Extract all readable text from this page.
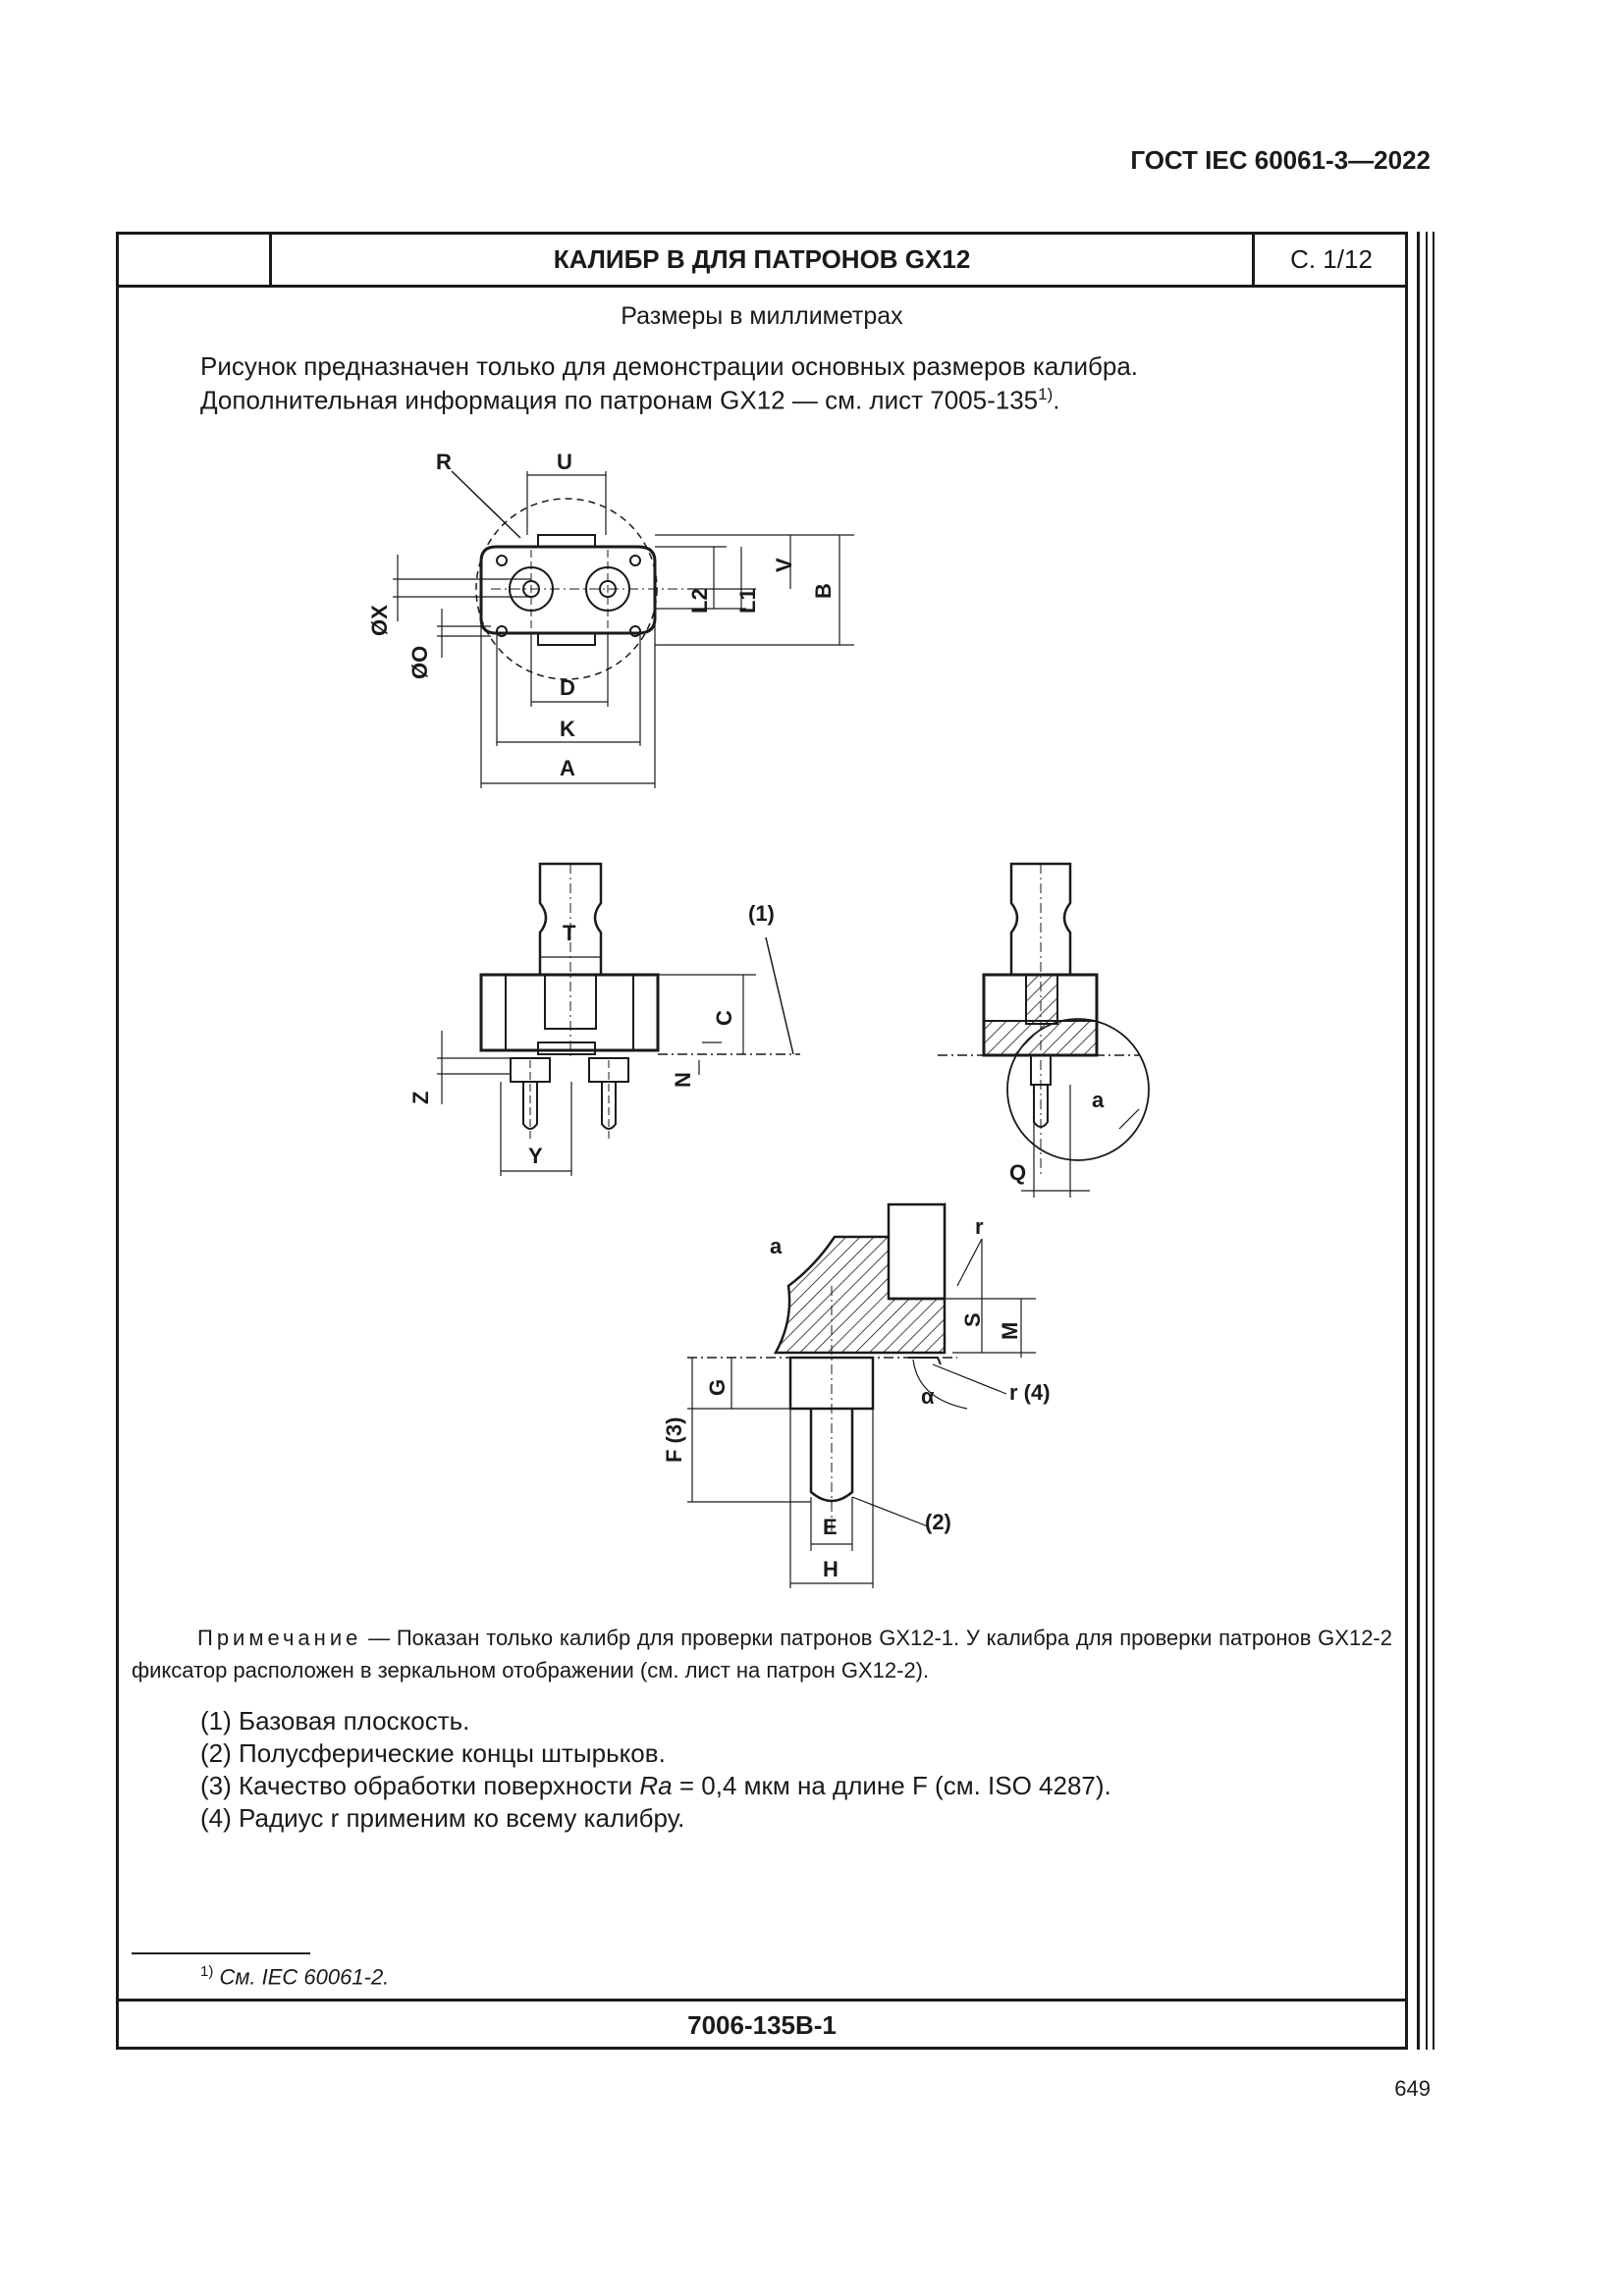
ГОСТ IEC 60061-3—2022
КАЛИБР B ДЛЯ ПАТРОНОВ GX12	С. 1/12
Размеры в миллиметрах
Рисунок предназначен только для демонстрации основных размеров калибра.
Дополнительная информация по патронам GX12 — см. лист 7005-135$^{1)}$.
R	U
V
B
L2 L1
ØX
ØO
D
K
A
T
(1)
C
N
Z
Y
a
Q
a
r
S
M
G
F (3)
α	r (4)
(2)
E
H
Примечание — Показан только калибр для проверки патронов GX12-1. У калибра для проверки патронов GX12-2 фиксатор расположен в зеркальном отображении (см. лист на патрон GX12-2).
(1) Базовая плоскость.
(2) Полусферические концы штырьков.
(3) Качество обработки поверхности Ra = 0,4 мкм на длине F (см. ISO 4287).
(4) Радиус r применим ко всему калибру.
$^{1)}$ См. IEC 60061-2.
7006-135B-1
649
